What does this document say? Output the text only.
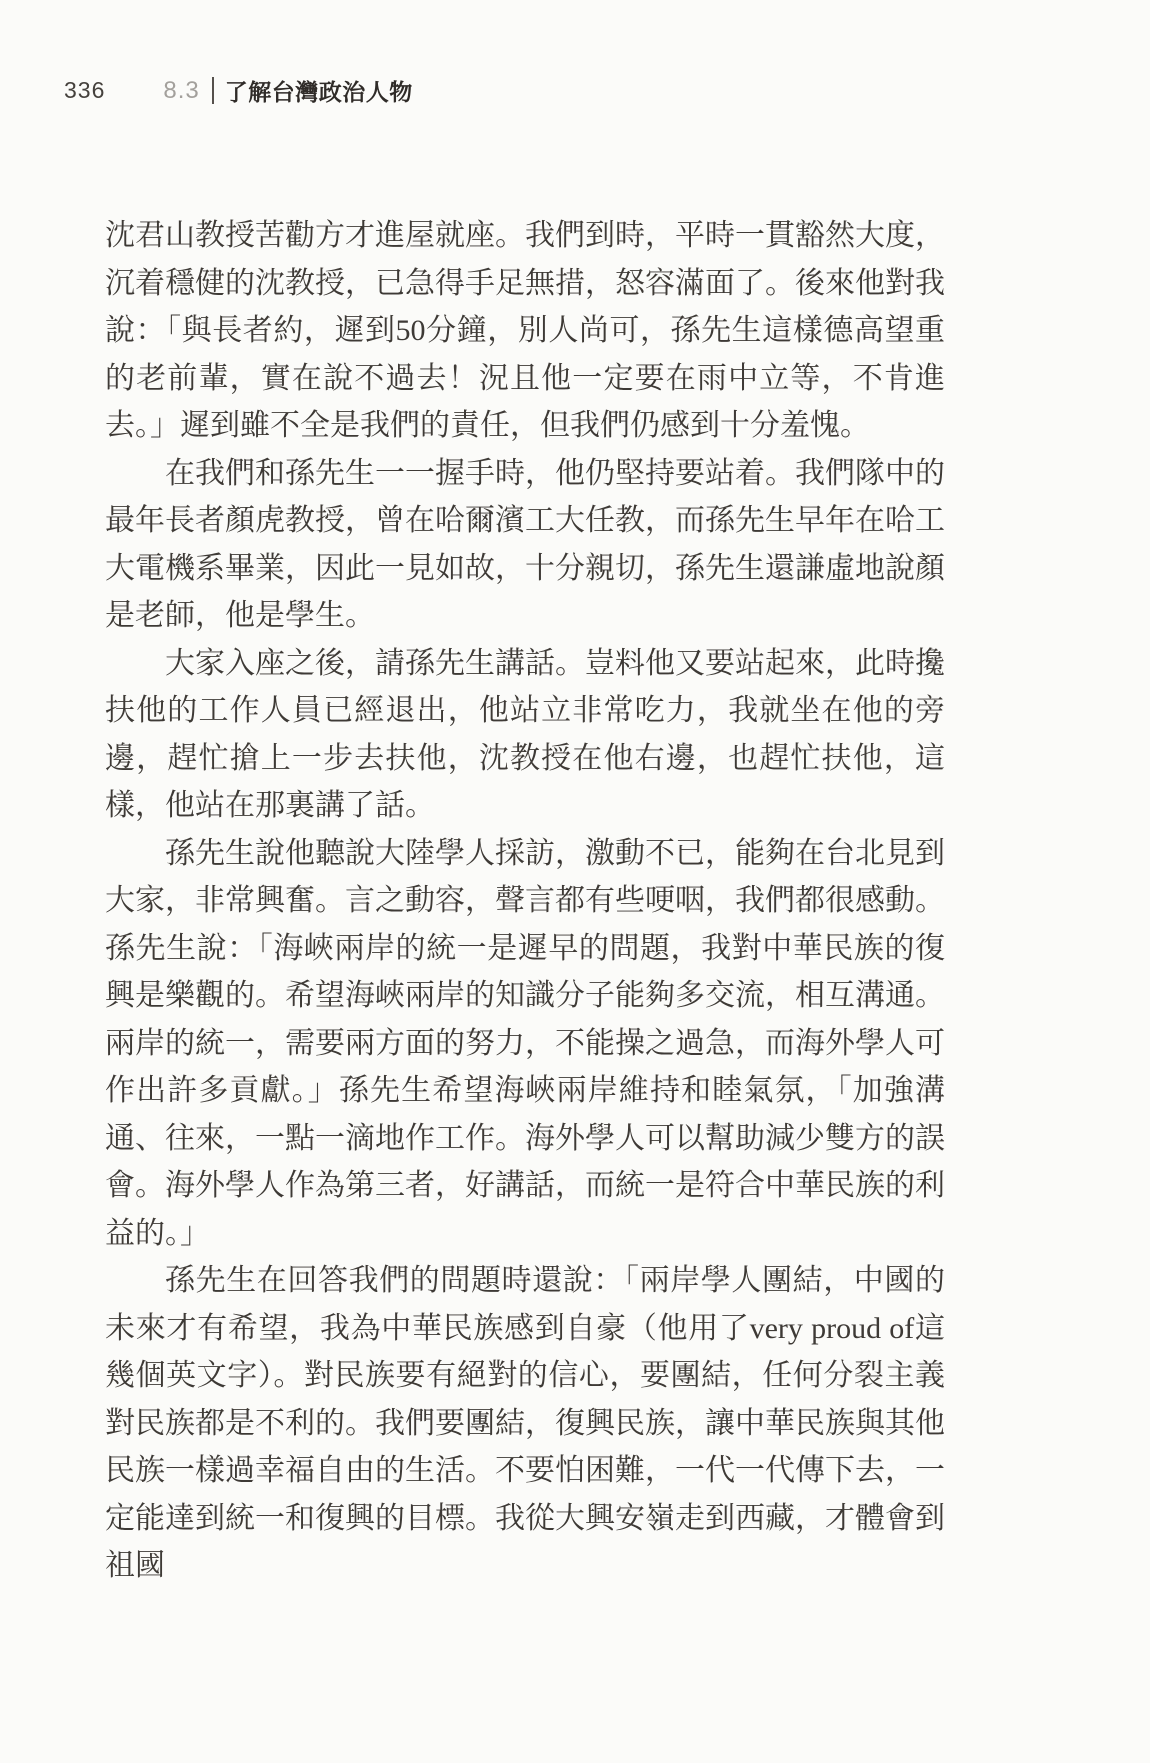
336 8.3 了解台灣政治人物

沈君山教授苦勸方才進屋就座。我們到時，平時一貫豁然大度，沉着穩健的沈教授，已急得手足無措，怒容滿面了。後來他對我說：「與長者約，遲到50分鐘，別人尚可，孫先生這樣德高望重的老前輩，實在說不過去！況且他一定要在雨中立等，不肯進去。」遲到雖不全是我們的責任，但我們仍感到十分羞愧。

在我們和孫先生一一握手時，他仍堅持要站着。我們隊中的最年長者顏虎教授，曾在哈爾濱工大任教，而孫先生早年在哈工大電機系畢業，因此一見如故，十分親切，孫先生還謙虛地說顏是老師，他是學生。

大家入座之後，請孫先生講話。豈料他又要站起來，此時攙扶他的工作人員已經退出，他站立非常吃力，我就坐在他的旁邊，趕忙搶上一步去扶他，沈教授在他右邊，也趕忙扶他，這樣，他站在那裏講了話。

孫先生說他聽說大陸學人採訪，激動不已，能夠在台北見到大家，非常興奮。言之動容，聲言都有些哽咽，我們都很感動。孫先生說：「海峽兩岸的統一是遲早的問題，我對中華民族的復興是樂觀的。希望海峽兩岸的知識分子能夠多交流，相互溝通。兩岸的統一，需要兩方面的努力，不能操之過急，而海外學人可作出許多貢獻。」孫先生希望海峽兩岸維持和睦氣氛，「加強溝通、往來，一點一滴地作工作。海外學人可以幫助減少雙方的誤會。海外學人作為第三者，好講話，而統一是符合中華民族的利益的。」

孫先生在回答我們的問題時還說：「兩岸學人團結，中國的未來才有希望，我為中華民族感到自豪（他用了very proud of這幾個英文字）。對民族要有絕對的信心，要團結，任何分裂主義對民族都是不利的。我們要團結，復興民族，讓中華民族與其他民族一樣過幸福自由的生活。不要怕困難，一代一代傳下去，一定能達到統一和復興的目標。我從大興安嶺走到西藏，才體會到祖國
